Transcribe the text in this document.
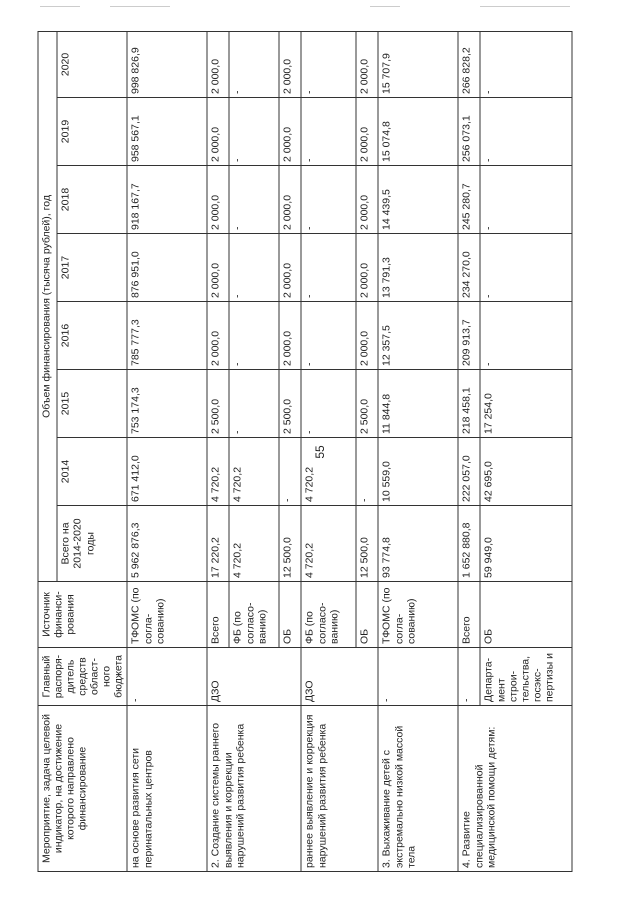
55
Мероприятие, задача целевой индикатор, на достижение которого направлено финансирование	Главный распоря-дитель средств област-ного бюджета	Источник финанси-рования	Объем финансирования (тысяча рублей), год							
			Всего на 2014-2020 годы	2014	2015	2016	2017	2018	2019	2020
на основе развития сети перинатальных центров	-	ТФОМС (по согла-сованию)	5 962 876,3	671 412,0	753 174,3	785 777,3	876 951,0	918 167,7	958 567,1	998 826,9
2. Создание системы раннего выявления и коррекции нарушений развития ребенка	ДЗО	Всего	17 220,2	4 720,2	2 500,0	2 000,0	2 000,0	2 000,0	2 000,0	2 000,0
		ФБ (по согласо-ванию)	4 720,2	4 720,2	-	-	-	-	-	-
		ОБ	12 500,0	-	2 500,0	2 000,0	2 000,0	2 000,0	2 000,0	2 000,0
раннее выявление и коррекция нарушений развития ребенка	ДЗО	ФБ (по согласо-ванию)	4 720,2	4 720,2	-	-	-	-	-	-
		ОБ	12 500,0	-	2 500,0	2 000,0	2 000,0	2 000,0	2 000,0	2 000,0
3. Выхаживание детей с экстремально низкой массой тела	-	ТФОМС (по согла-сованию)	93 774,8	10 559,0	11 844,8	12 357,5	13 791,3	14 439,5	15 074,8	15 707,9
4. Развитие специализированной медицинской помощи детям:	-	Всего	1 652 880,8	222 057,0	218 458,1	209 913,7	234 270,0	245 280,7	256 073,1	266 828,2
	Департа-мент строи-тельства, госэкс-пертизы и	ОБ	59 949,0	42 695,0	17 254,0	-	-	-	-	-
